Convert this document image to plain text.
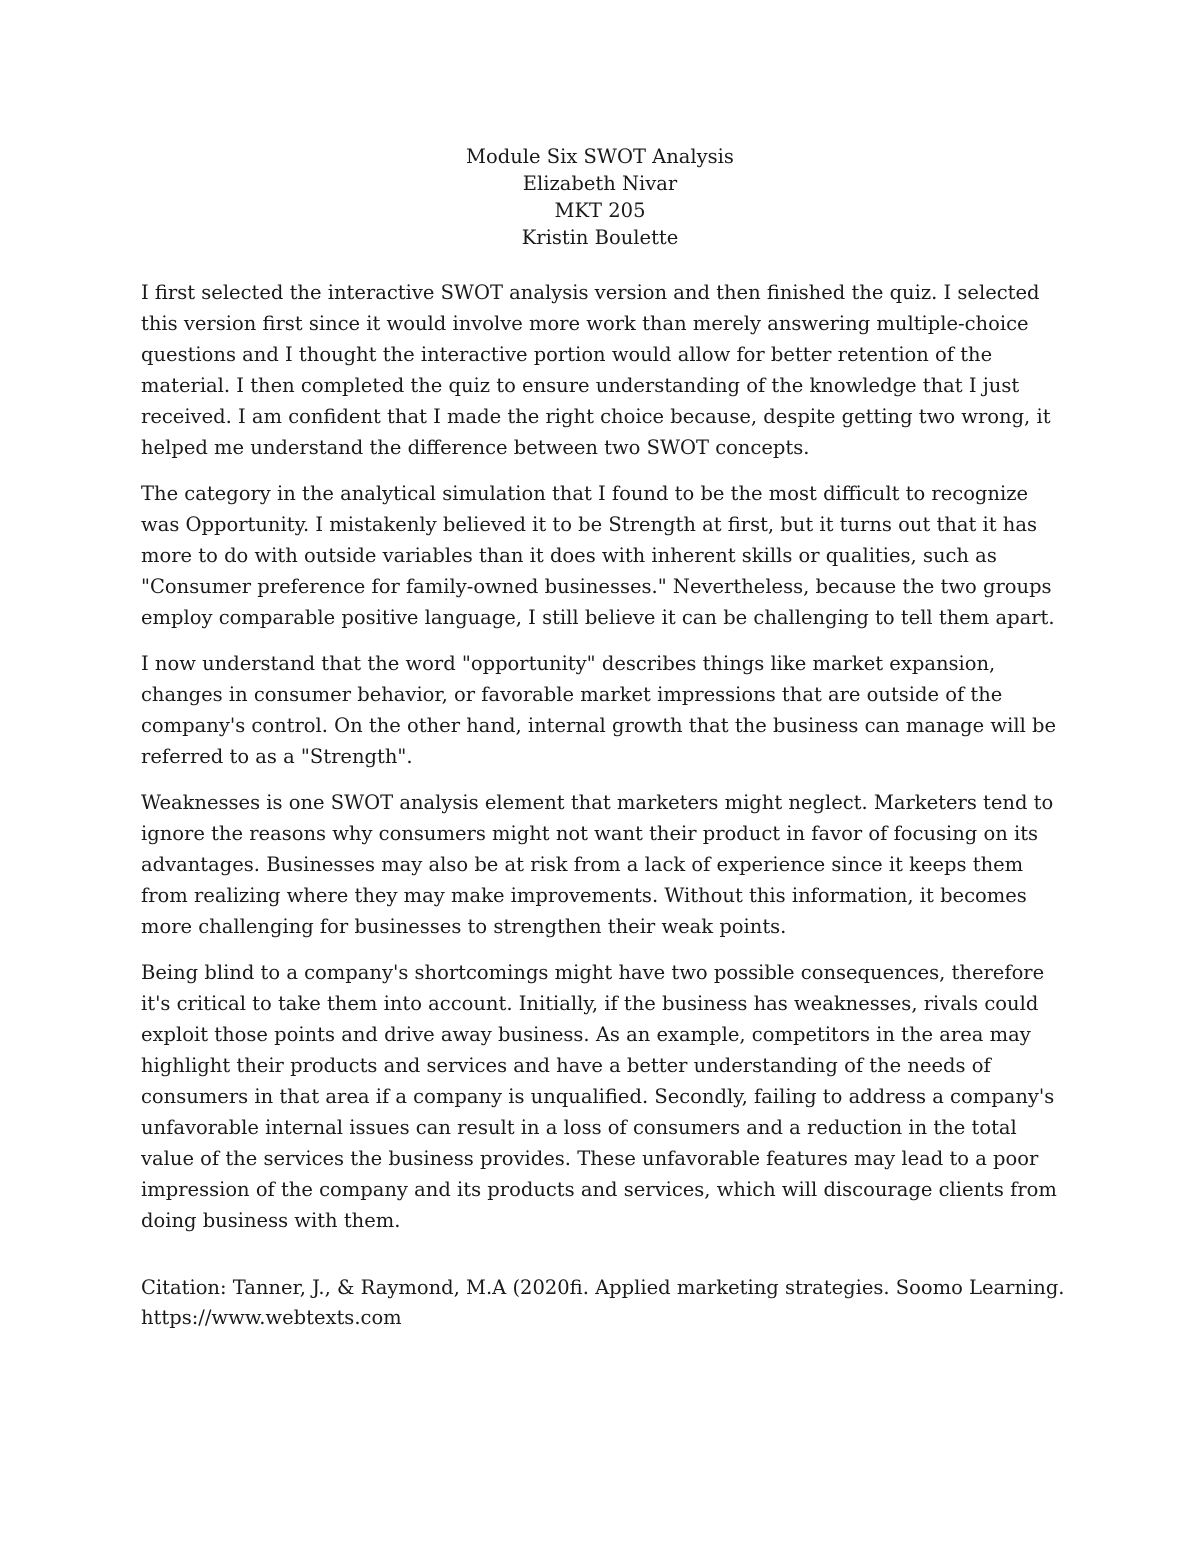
Module Six SWOT Analysis
Elizabeth Nivar
MKT 205
Kristin Boulette

I first selected the interactive SWOT analysis version and then finished the quiz. I selected this version first since it would involve more work than merely answering multiple-choice questions and I thought the interactive portion would allow for better retention of the material. I then completed the quiz to ensure understanding of the knowledge that I just received. I am confident that I made the right choice because, despite getting two wrong, it helped me understand the difference between two SWOT concepts.

The category in the analytical simulation that I found to be the most difficult to recognize was Opportunity. I mistakenly believed it to be Strength at first, but it turns out that it has more to do with outside variables than it does with inherent skills or qualities, such as "Consumer preference for family-owned businesses." Nevertheless, because the two groups employ comparable positive language, I still believe it can be challenging to tell them apart.

I now understand that the word "opportunity" describes things like market expansion, changes in consumer behavior, or favorable market impressions that are outside of the company's control. On the other hand, internal growth that the business can manage will be referred to as a "Strength".

Weaknesses is one SWOT analysis element that marketers might neglect. Marketers tend to ignore the reasons why consumers might not want their product in favor of focusing on its advantages. Businesses may also be at risk from a lack of experience since it keeps them from realizing where they may make improvements. Without this information, it becomes more challenging for businesses to strengthen their weak points.

Being blind to a company's shortcomings might have two possible consequences, therefore it's critical to take them into account. Initially, if the business has weaknesses, rivals could exploit those points and drive away business. As an example, competitors in the area may highlight their products and services and have a better understanding of the needs of consumers in that area if a company is unqualified. Secondly, failing to address a company's unfavorable internal issues can result in a loss of consumers and a reduction in the total value of the services the business provides. These unfavorable features may lead to a poor impression of the company and its products and services, which will discourage clients from doing business with them.

Citation: Tanner, J., & Raymond, M.A (2020fi. Applied marketing strategies. Soomo Learning.
https://www.webtexts.com
